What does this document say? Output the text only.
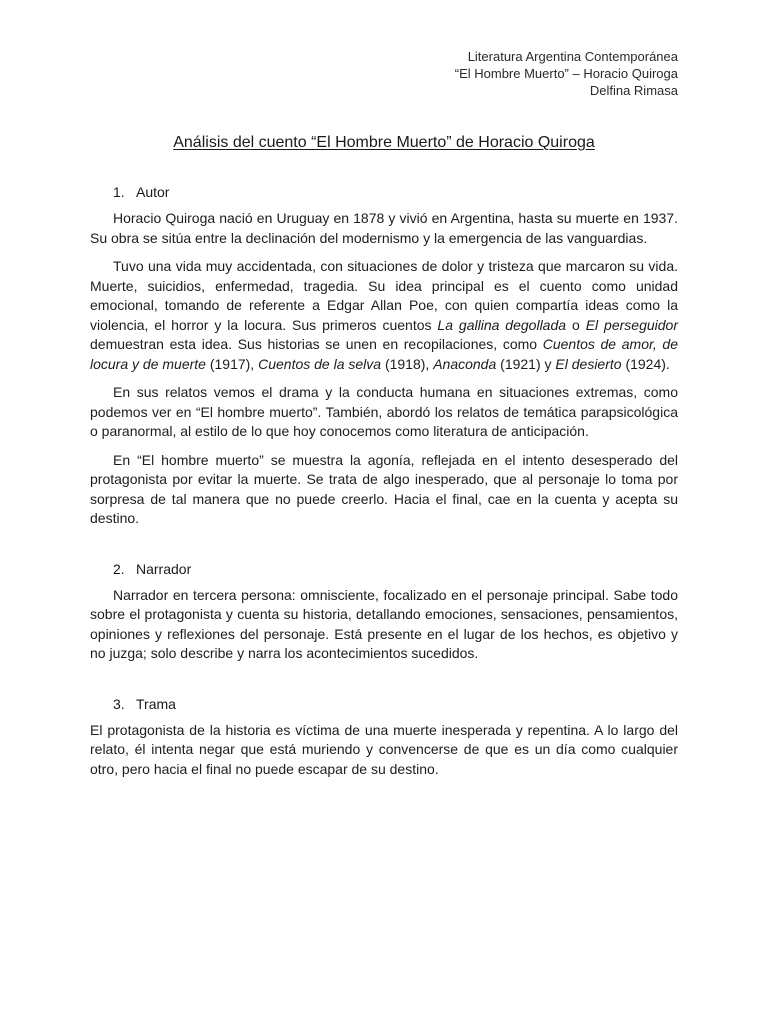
Literatura Argentina Contemporánea
“El Hombre Muerto” – Horacio Quiroga
Delfina Rimasa
Análisis del cuento “El Hombre Muerto” de Horacio Quiroga
1. Autor

Horacio Quiroga nació en Uruguay en 1878 y vivió en Argentina, hasta su muerte en 1937. Su obra se sitúa entre la declinación del modernismo y la emergencia de las vanguardias.

Tuvo una vida muy accidentada, con situaciones de dolor y tristeza que marcaron su vida. Muerte, suicidios, enfermedad, tragedia. Su idea principal es el cuento como unidad emocional, tomando de referente a Edgar Allan Poe, con quien compartía ideas como la violencia, el horror y la locura. Sus primeros cuentos La gallina degollada o El perseguidor demuestran esta idea. Sus historias se unen en recopilaciones, como Cuentos de amor, de locura y de muerte (1917), Cuentos de la selva (1918), Anaconda (1921) y El desierto (1924).

En sus relatos vemos el drama y la conducta humana en situaciones extremas, como podemos ver en “El hombre muerto”. También, abordó los relatos de temática parapsicológica o paranormal, al estilo de lo que hoy conocemos como literatura de anticipación.

En “El hombre muerto” se muestra la agonía, reflejada en el intento desesperado del protagonista por evitar la muerte. Se trata de algo inesperado, que al personaje lo toma por sorpresa de tal manera que no puede creerlo. Hacia el final, cae en la cuenta y acepta su destino.

2. Narrador

Narrador en tercera persona: omnisciente, focalizado en el personaje principal. Sabe todo sobre el protagonista y cuenta su historia, detallando emociones, sensaciones, pensamientos, opiniones y reflexiones del personaje. Está presente en el lugar de los hechos, es objetivo y no juzga; solo describe y narra los acontecimientos sucedidos.

3. Trama

El protagonista de la historia es víctima de una muerte inesperada y repentina. A lo largo del relato, él intenta negar que está muriendo y convencerse de que es un día como cualquier otro, pero hacia el final no puede escapar de su destino.
